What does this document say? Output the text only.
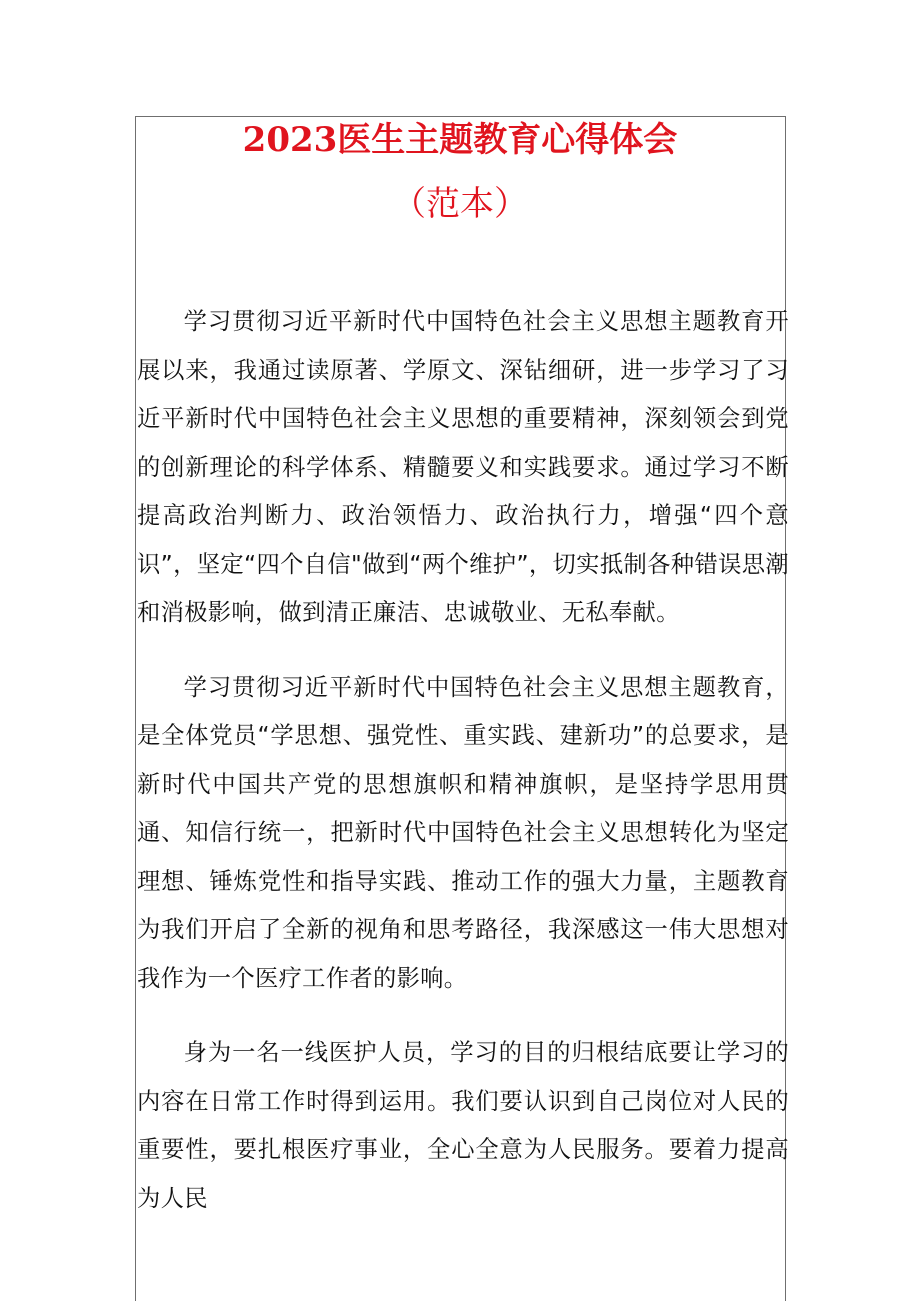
2023医生主题教育心得体会
（范本）

学习贯彻习近平新时代中国特色社会主义思想主题教育开展以来，我通过读原著、学原文、深钻细研，进一步学习了习近平新时代中国特色社会主义思想的重要精神，深刻领会到党的创新理论的科学体系、精髓要义和实践要求。通过学习不断提高政治判断力、政治领悟力、政治执行力，增强“四个意识”，坚定“四个自信"做到“两个维护”，切实抵制各种错误思潮和消极影响，做到清正廉洁、忠诚敬业、无私奉献。

学习贯彻习近平新时代中国特色社会主义思想主题教育，是全体党员“学思想、强党性、重实践、建新功”的总要求，是新时代中国共产党的思想旗帜和精神旗帜，是坚持学思用贯通、知信行统一，把新时代中国特色社会主义思想转化为坚定理想、锤炼党性和指导实践、推动工作的强大力量，主题教育为我们开启了全新的视角和思考路径，我深感这一伟大思想对我作为一个医疗工作者的影响。

身为一名一线医护人员，学习的目的归根结底要让学习的内容在日常工作时得到运用。我们要认识到自己岗位对人民的重要性，要扎根医疗事业，全心全意为人民服务。要着力提高为人民
